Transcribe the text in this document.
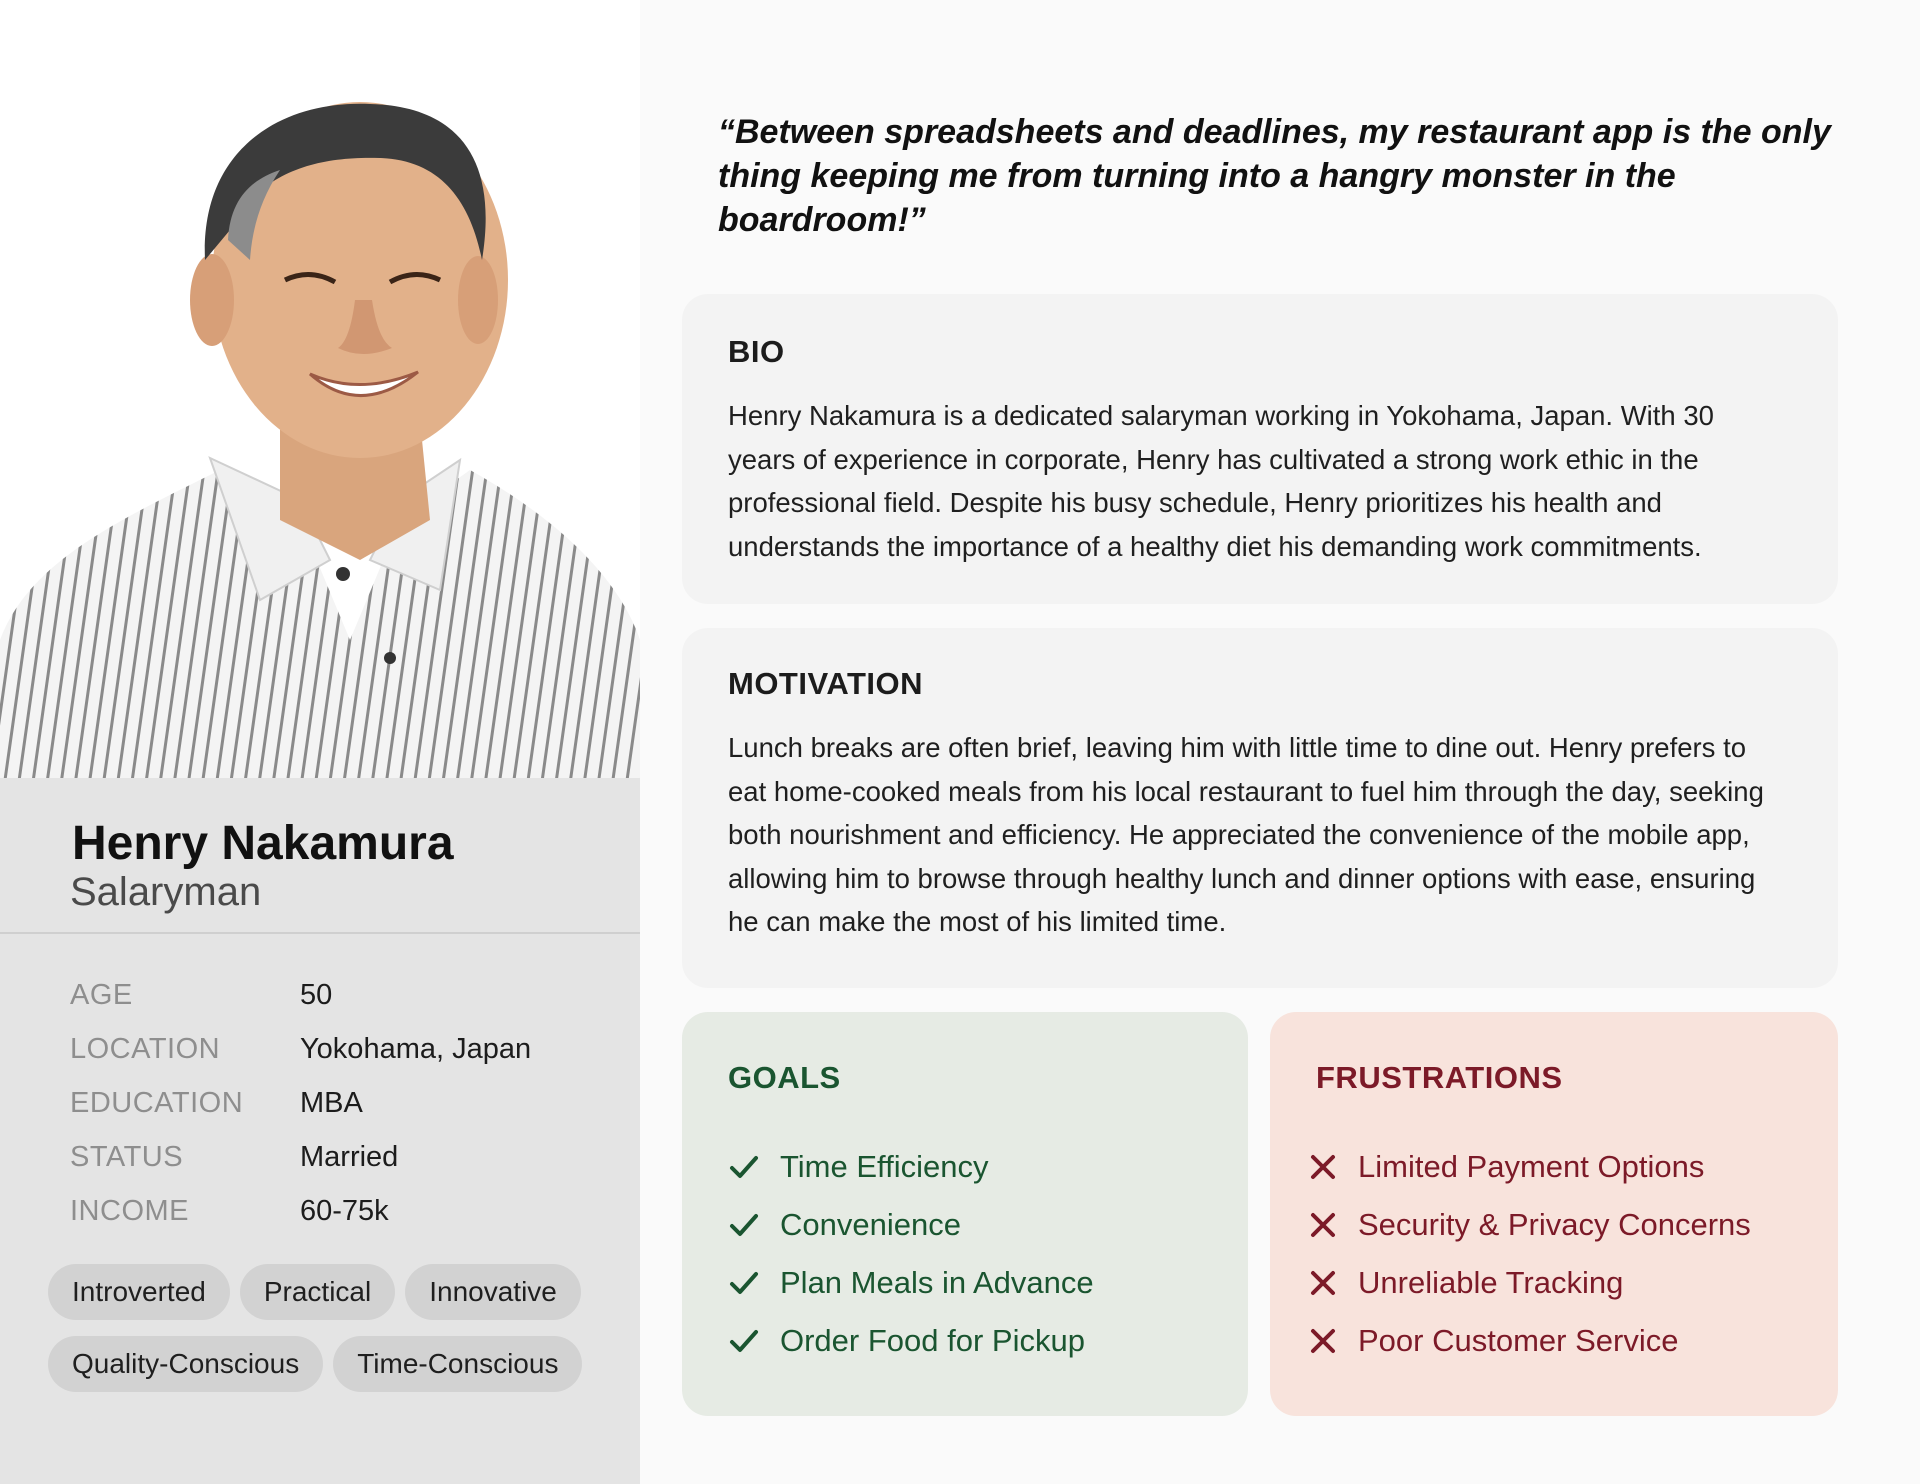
Henry Nakamura
Salaryman
AGE	50
LOCATION	Yokohama, Japan
EDUCATION	MBA
STATUS	Married
INCOME	60-75k
Introverted	Practical	Innovative
Quality-Conscious	Time-Conscious
“Between spreadsheets and deadlines, my restaurant app is the only thing keeping me from turning into a hangry monster in the boardroom!”
BIO
Henry Nakamura is a dedicated salaryman working in Yokohama, Japan. With 30 years of experience in corporate, Henry has cultivated a strong work ethic in the professional field. Despite his busy schedule, Henry prioritizes his health and understands the importance of a healthy diet his demanding work commitments.
MOTIVATION
Lunch breaks are often brief, leaving him with little time to dine out. Henry prefers to eat home-cooked meals from his local restaurant to fuel him through the day, seeking both nourishment and efficiency. He appreciated the convenience of the mobile app, allowing him to browse through healthy lunch and dinner options with ease, ensuring he can make the most of his limited time.
GOALS
Time Efficiency
Convenience
Plan Meals in Advance
Order Food for Pickup
FRUSTRATIONS
Limited Payment Options
Security & Privacy Concerns
Unreliable Tracking
Poor Customer Service
